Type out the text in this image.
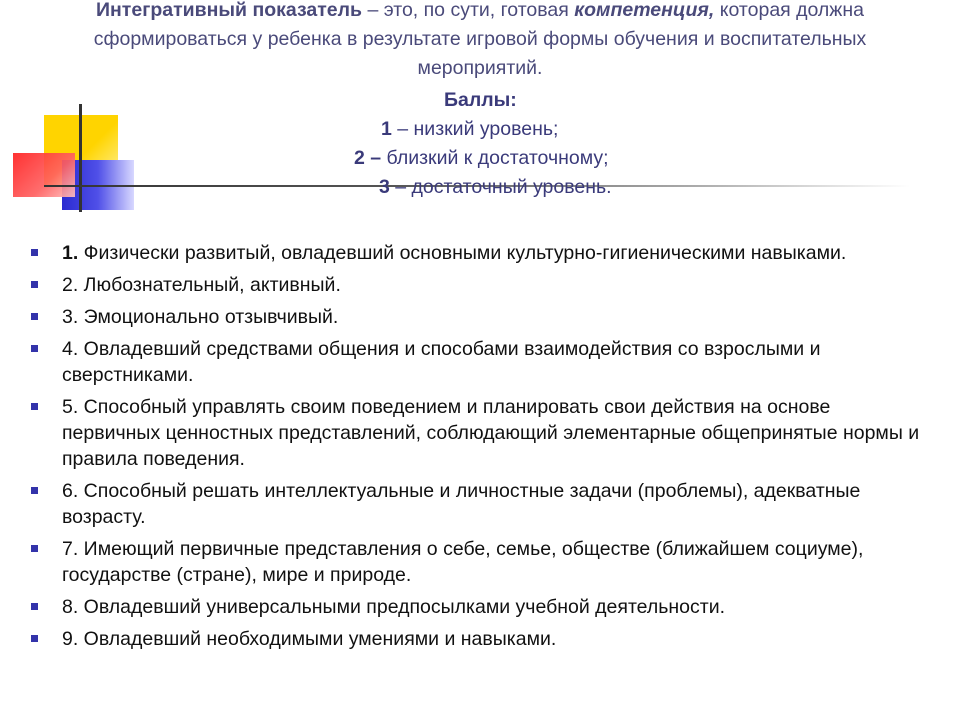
Интегративный показатель – это, по сути, готовая компетенция, которая должна сформироваться у ребенка в результате игровой формы обучения и воспитательных мероприятий.
Баллы:
1 – низкий уровень;
2 – близкий к достаточному;
3 – достаточный уровень.
1. Физически развитый, овладевший основными культурно-гигиеническими навыками.
2. Любознательный, активный.
3. Эмоционально отзывчивый.
4. Овладевший средствами общения и способами взаимодействия со взрослыми и сверстниками.
5. Способный управлять своим поведением и планировать свои действия на основе первичных ценностных представлений, соблюдающий элементарные общепринятые нормы и правила поведения.
6. Способный решать интеллектуальные и личностные задачи (проблемы), адекватные возрасту.
7. Имеющий первичные представления о себе, семье, обществе (ближайшем социуме), государстве (стране), мире и природе.
8. Овладевший универсальными предпосылками учебной деятельности.
9. Овладевший необходимыми умениями и навыками.
